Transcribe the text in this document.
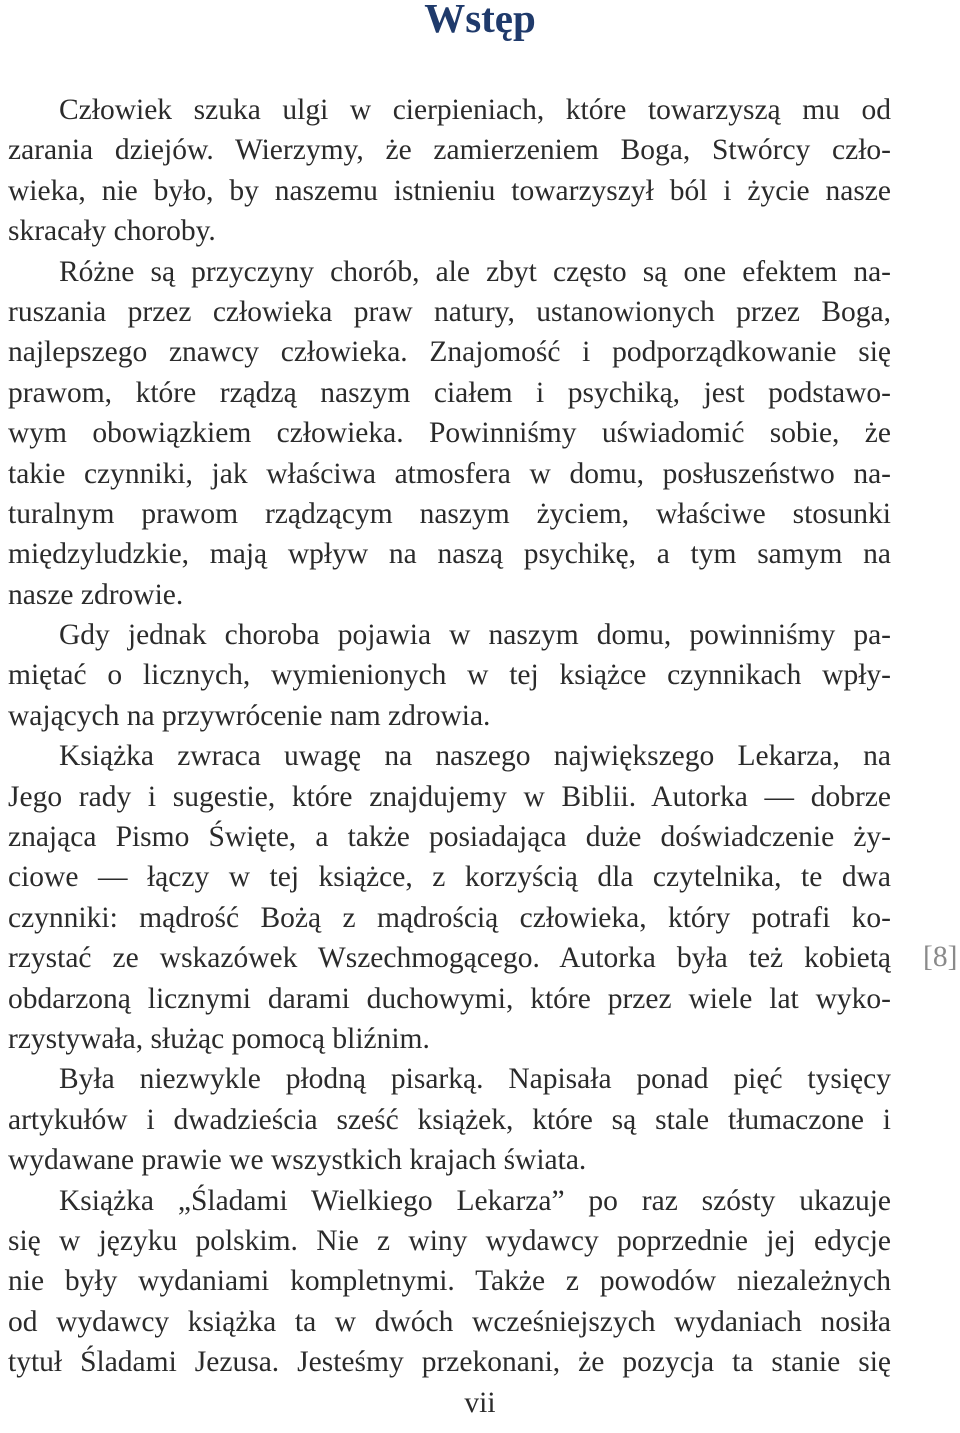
Wstęp
Człowiek szuka ulgi w cierpieniach, które towarzyszą mu od
zarania dziejów. Wierzymy, że zamierzeniem Boga, Stwórcy czło-
wieka, nie było, by naszemu istnieniu towarzyszył ból i życie nasze
skracały choroby.
Różne są przyczyny chorób, ale zbyt często są one efektem na-
ruszania przez człowieka praw natury, ustanowionych przez Boga,
najlepszego znawcy człowieka. Znajomość i podporządkowanie się
prawom, które rządzą naszym ciałem i psychiką, jest podstawo-
wym obowiązkiem człowieka. Powinniśmy uświadomić sobie, że
takie czynniki, jak właściwa atmosfera w domu, posłuszeństwo na-
turalnym prawom rządzącym naszym życiem, właściwe stosunki
międzyludzkie, mają wpływ na naszą psychikę, a tym samym na
nasze zdrowie.
Gdy jednak choroba pojawia w naszym domu, powinniśmy pa-
miętać o licznych, wymienionych w tej książce czynnikach wpły-
wających na przywrócenie nam zdrowia.
Książka zwraca uwagę na naszego największego Lekarza, na
Jego rady i sugestie, które znajdujemy w Biblii. Autorka — dobrze
znająca Pismo Święte, a także posiadająca duże doświadczenie ży-
ciowe — łączy w tej książce, z korzyścią dla czytelnika, te dwa
czynniki: mądrość Bożą z mądrością człowieka, który potrafi ko-
rzystać ze wskazówek Wszechmogącego. Autorka była też kobietą
obdarzoną licznymi darami duchowymi, które przez wiele lat wyko-
rzystywała, służąc pomocą bliźnim.
Była niezwykle płodną pisarką. Napisała ponad pięć tysięcy
artykułów i dwadzieścia sześć książek, które są stale tłumaczone i
wydawane prawie we wszystkich krajach świata.
Książka „Śladami Wielkiego Lekarza” po raz szósty ukazuje
się w języku polskim. Nie z winy wydawcy poprzednie jej edycje
nie były wydaniami kompletnymi. Także z powodów niezależnych
od wydawcy książka ta w dwóch wcześniejszych wydaniach nosiła
tytuł Śladami Jezusa. Jesteśmy przekonani, że pozycja ta stanie się
[8]
vii
